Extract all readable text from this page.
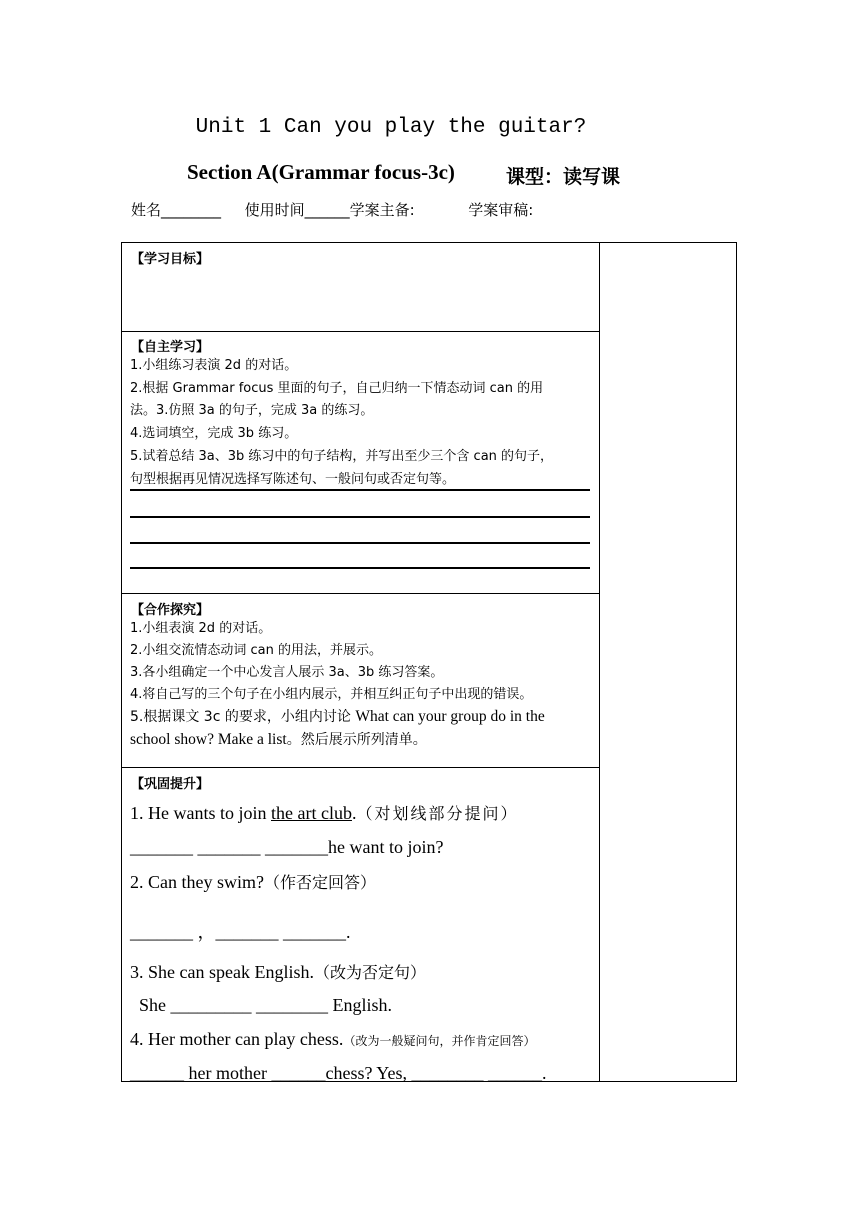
Unit 1 Can you play the guitar?
Section A(Grammar focus-3c)	课型：读写课
姓名________ 使用时间______学案主备:	学案审稿:
【学习目标】
【自主学习】
1.小组练习表演 2d 的对话。
2.根据 Grammar focus 里面的句子，自己归纳一下情态动词 can 的用
法。3.仿照 3a 的句子，完成 3a 的练习。
4.选词填空，完成 3b 练习。
5.试着总结 3a、3b 练习中的句子结构，并写出至少三个含 can 的句子，
句型根据再见情况选择写陈述句、一般问句或否定句等。
【合作探究】
1.小组表演 2d 的对话。
2.小组交流情态动词 can 的用法，并展示。
3.各小组确定一个中心发言人展示 3a、3b 练习答案。
4.将自己写的三个句子在小组内展示，并相互纠正句子中出现的错误。
5.根据课文 3c 的要求，小组内讨论 What can your group do in the
school show? Make a list。然后展示所列清单。
【巩固提升】
1. He wants to join the art club.（对划线部分提问）
_______ _______ _______he want to join?
2. Can they swim?（作否定回答）
_______ ，_______ _______.
3. She can speak English.（改为否定句）
She _________ ________ English.
4. Her mother can play chess.（改为一般疑问句，并作肯定回答）
______ her mother ______chess? Yes, ________ ______.
